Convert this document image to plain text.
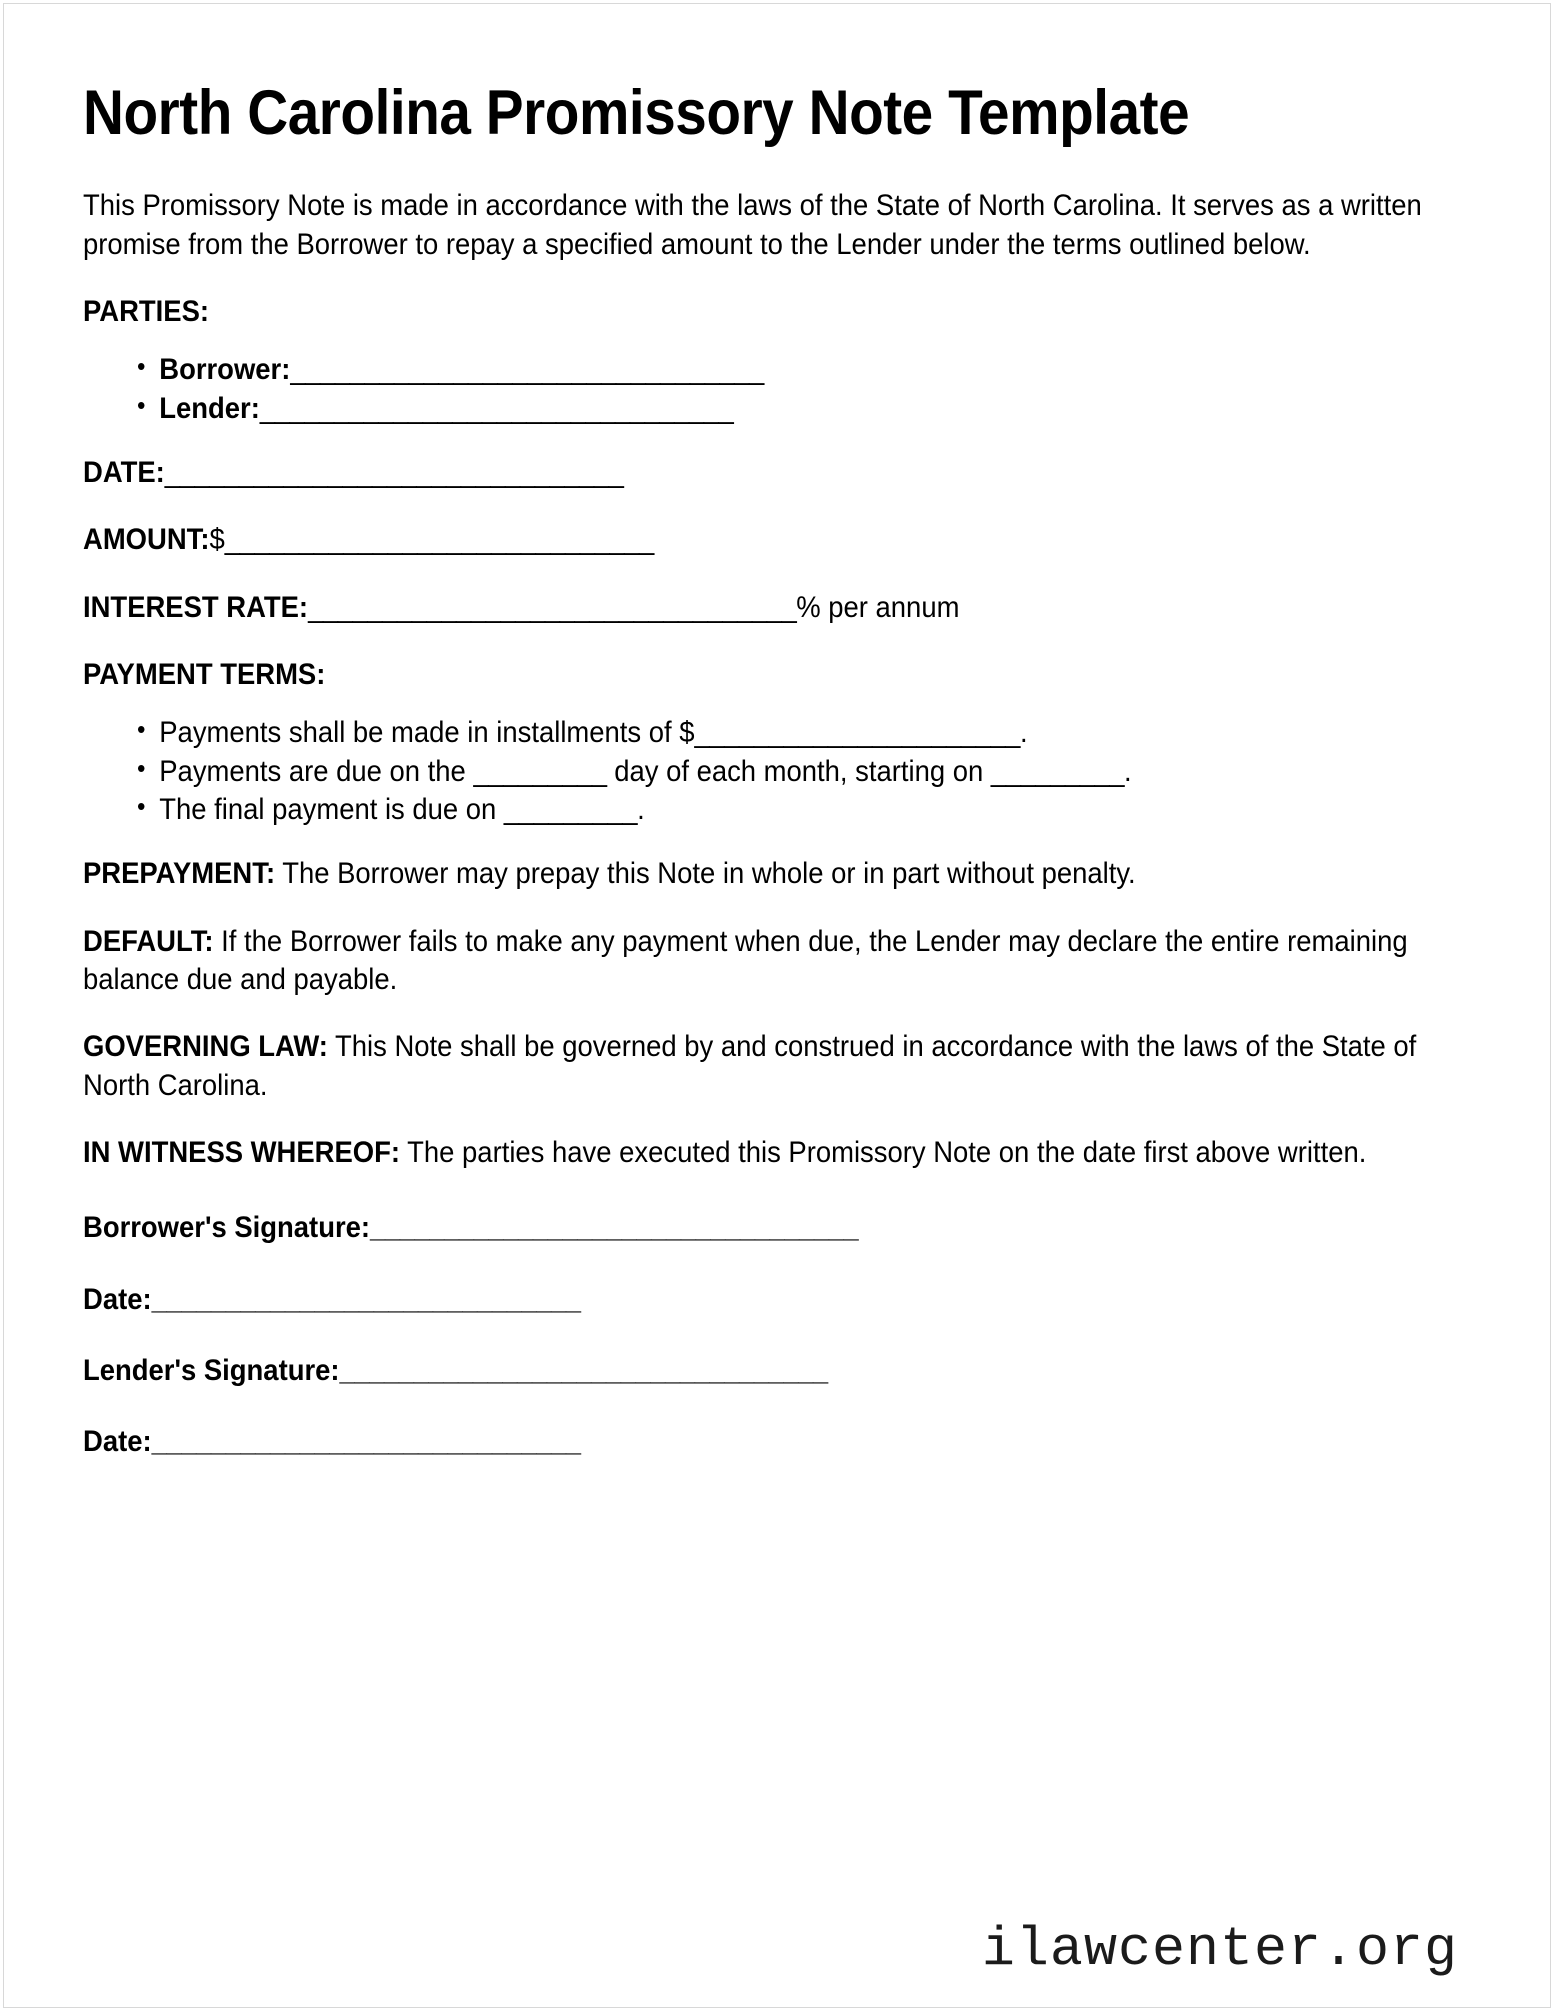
North Carolina Promissory Note Template

This Promissory Note is made in accordance with the laws of the State of North Carolina. It serves as a written promise from the Borrower to repay a specified amount to the Lender under the terms outlined below.

PARTIES:

• Borrower:________________________________
• Lender:________________________________

DATE:_______________________________

AMOUNT:$_____________________________

INTEREST RATE:_________________________________% per annum

PAYMENT TERMS:

• Payments shall be made in installments of $______________________.
• Payments are due on the _________ day of each month, starting on _________.
• The final payment is due on _________.

PREPAYMENT: The Borrower may prepay this Note in whole or in part without penalty.

DEFAULT: If the Borrower fails to make any payment when due, the Lender may declare the entire remaining balance due and payable.

GOVERNING LAW: This Note shall be governed by and construed in accordance with the laws of the State of North Carolina.

IN WITNESS WHEREOF: The parties have executed this Promissory Note on the date first above written.

Borrower's Signature:_________________________________

Date:_____________________________

Lender's Signature:_________________________________

Date:_____________________________

ilawcenter.org
